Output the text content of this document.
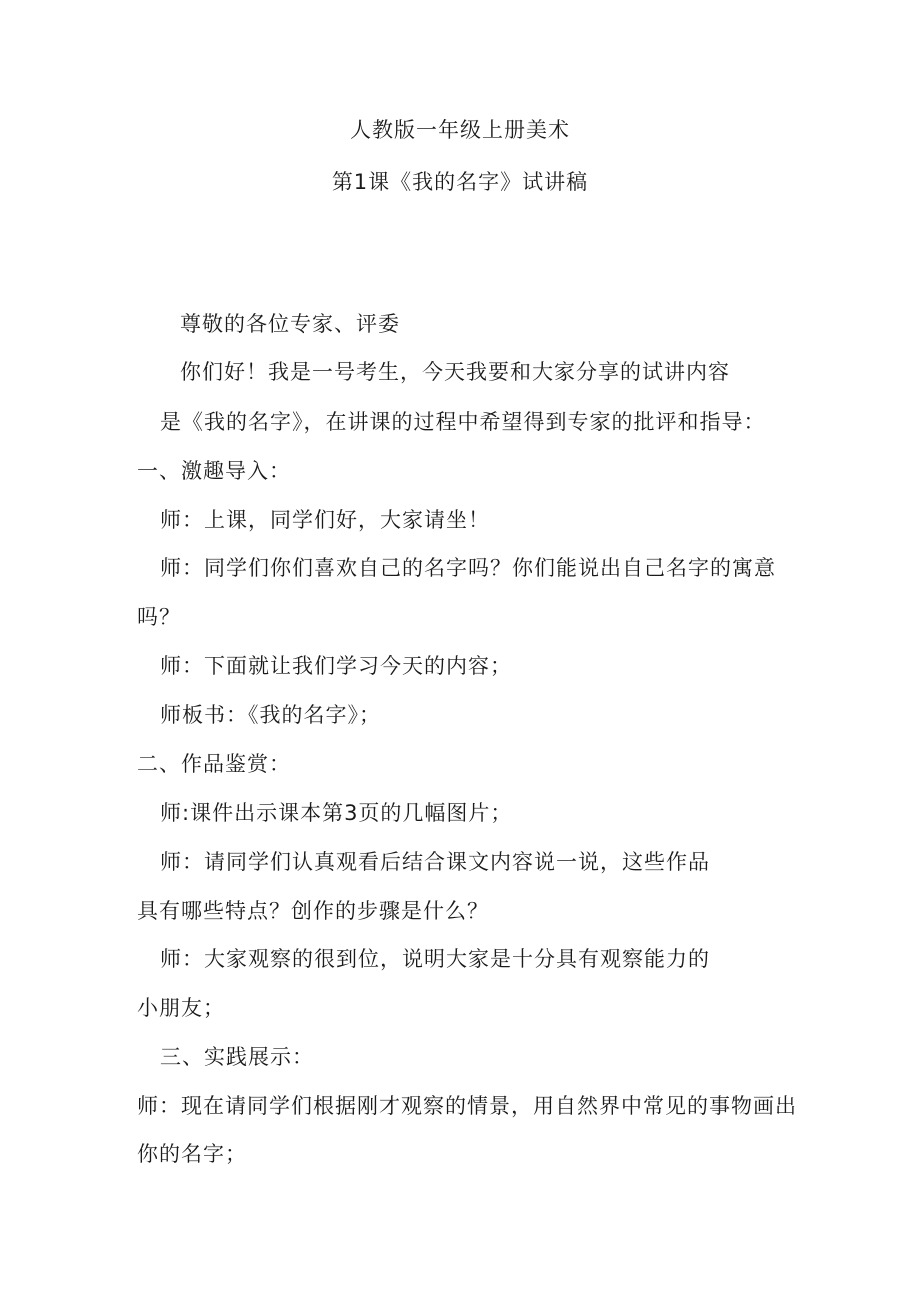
人教版一年级上册美术
第1课《我的名字》试讲稿
尊敬的各位专家、评委
你们好！我是一号考生，今天我要和大家分享的试讲内容
是《我的名字》，在讲课的过程中希望得到专家的批评和指导：
一、激趣导入：
师：上课，同学们好，大家请坐！
师：同学们你们喜欢自己的名字吗？你们能说出自己名字的寓意
吗？
师：下面就让我们学习今天的内容；
师板书：《我的名字》；
二、作品鉴赏：
师:课件出示课本第3页的几幅图片；
师：请同学们认真观看后结合课文内容说一说，这些作品
具有哪些特点？创作的步骤是什么？
师：大家观察的很到位，说明大家是十分具有观察能力的
小朋友；
三、实践展示：
师：现在请同学们根据刚才观察的情景，用自然界中常见的事物画出
你的名字；
